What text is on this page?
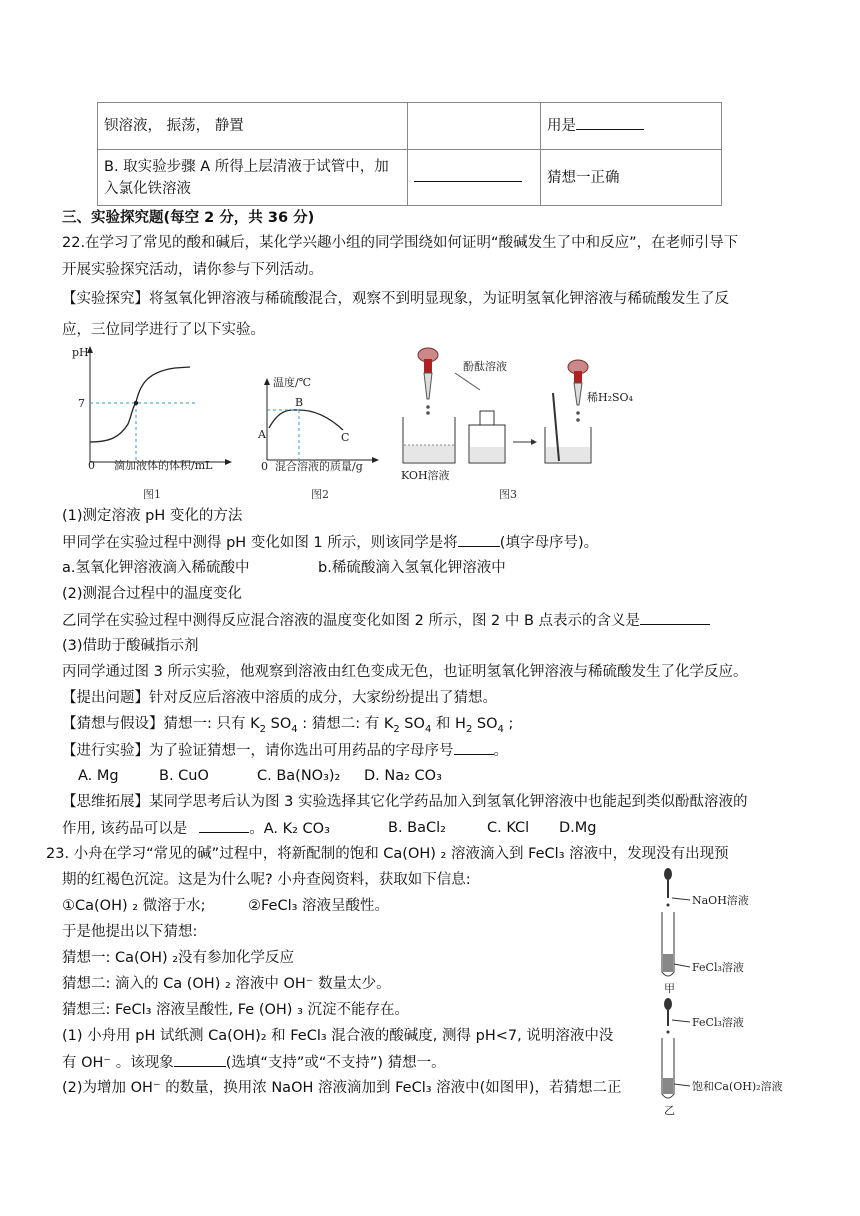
钡溶液， 振荡， 静置		用是

B. 取实验步骤 A 所得上层清液于试管中，加
入氯化铁溶液		猜想一正确
三、实验探究题(每空 2 分，共 36 分)
22.在学习了常见的酸和碱后，某化学兴趣小组的同学围绕如何证明“酸碱发生了中和反应”，在老师引导下
开展实验探究活动，请你参与下列活动。
【实验探究】将氢氧化钾溶液与稀硫酸混合，观察不到明显现象，为证明氢氧化钾溶液与稀硫酸发生了反
应，三位同学进行了以下实验。
pH
7
0 滴加液体的体积/mL
图1
温度/℃
B
A	C
0 混合溶液的质量/g
图2
酚酞溶液
KOH溶液
稀H₂SO₄
图3
(1)测定溶液 pH 变化的方法
甲同学在实验过程中测得 pH 变化如图 1 所示，则该同学是将	(填字母序号)。
a.氢氧化钾溶液滴入稀硫酸中	b.稀硫酸滴入氢氧化钾溶液中
(2)测混合过程中的温度变化
乙同学在实验过程中测得反应混合溶液的温度变化如图 2 所示，图 2 中 B 点表示的含义是
(3)借助于酸碱指示剂
丙同学通过图 3 所示实验，他观察到溶液由红色变成无色，也证明氢氧化钾溶液与稀硫酸发生了化学反应。
【提出问题】针对反应后溶液中溶质的成分，大家纷纷提出了猜想。
【猜想与假设】猜想一: 只有 $K_2$ $SO_4$ : 猜想二: 有 $K_2$ $SO_4$ 和 $H_2$ $SO_4$ ;
【进行实验】为了验证猜想一，请你选出可用药品的字母序号	。
A. Mg	B. CuO	C. Ba(NO₃)₂ D. Na₂ CO₃
【思维拓展】某同学思考后认为图 3 实验选择其它化学药品加入到氢氧化钾溶液中也能起到类似酚酞溶液的
作用, 该药品可以是	。A. K₂ CO₃	B. BaCl₂	C. KCl D.Mg
23. 小舟在学习“常见的碱”过程中，将新配制的饱和 Ca(OH) ₂ 溶液滴入到 FeCl₃ 溶液中，发现没有出现预
期的红褐色沉淀。这是为什么呢? 小舟查阅资料，获取如下信息:
①Ca(OH) ₂ 微溶于水;	②FeCl₃ 溶液呈酸性。
于是他提出以下猜想:
猜想一: Ca(OH) ₂没有参加化学反应
猜想二: 滴入的 Ca (OH) ₂ 溶液中 OH⁻ 数量太少。
猜想三: FeCl₃ 溶液呈酸性, Fe (OH) ₃ 沉淀不能存在。
(1) 小舟用 pH 试纸测 Ca(OH)₂ 和 FeCl₃ 混合液的酸碱度, 测得 pH<7, 说明溶液中没
有 OH⁻ 。该现象	(选填“支持”或“不支持”) 猜想一。
(2)为增加 OH⁻ 的数量，换用浓 NaOH 溶液滴加到 FeCl₃ 溶液中(如图甲)，若猜想二正
NaOH溶液
FeCl₃溶液
甲
FeCl₃溶液
饱和Ca(OH)₂溶液
乙
